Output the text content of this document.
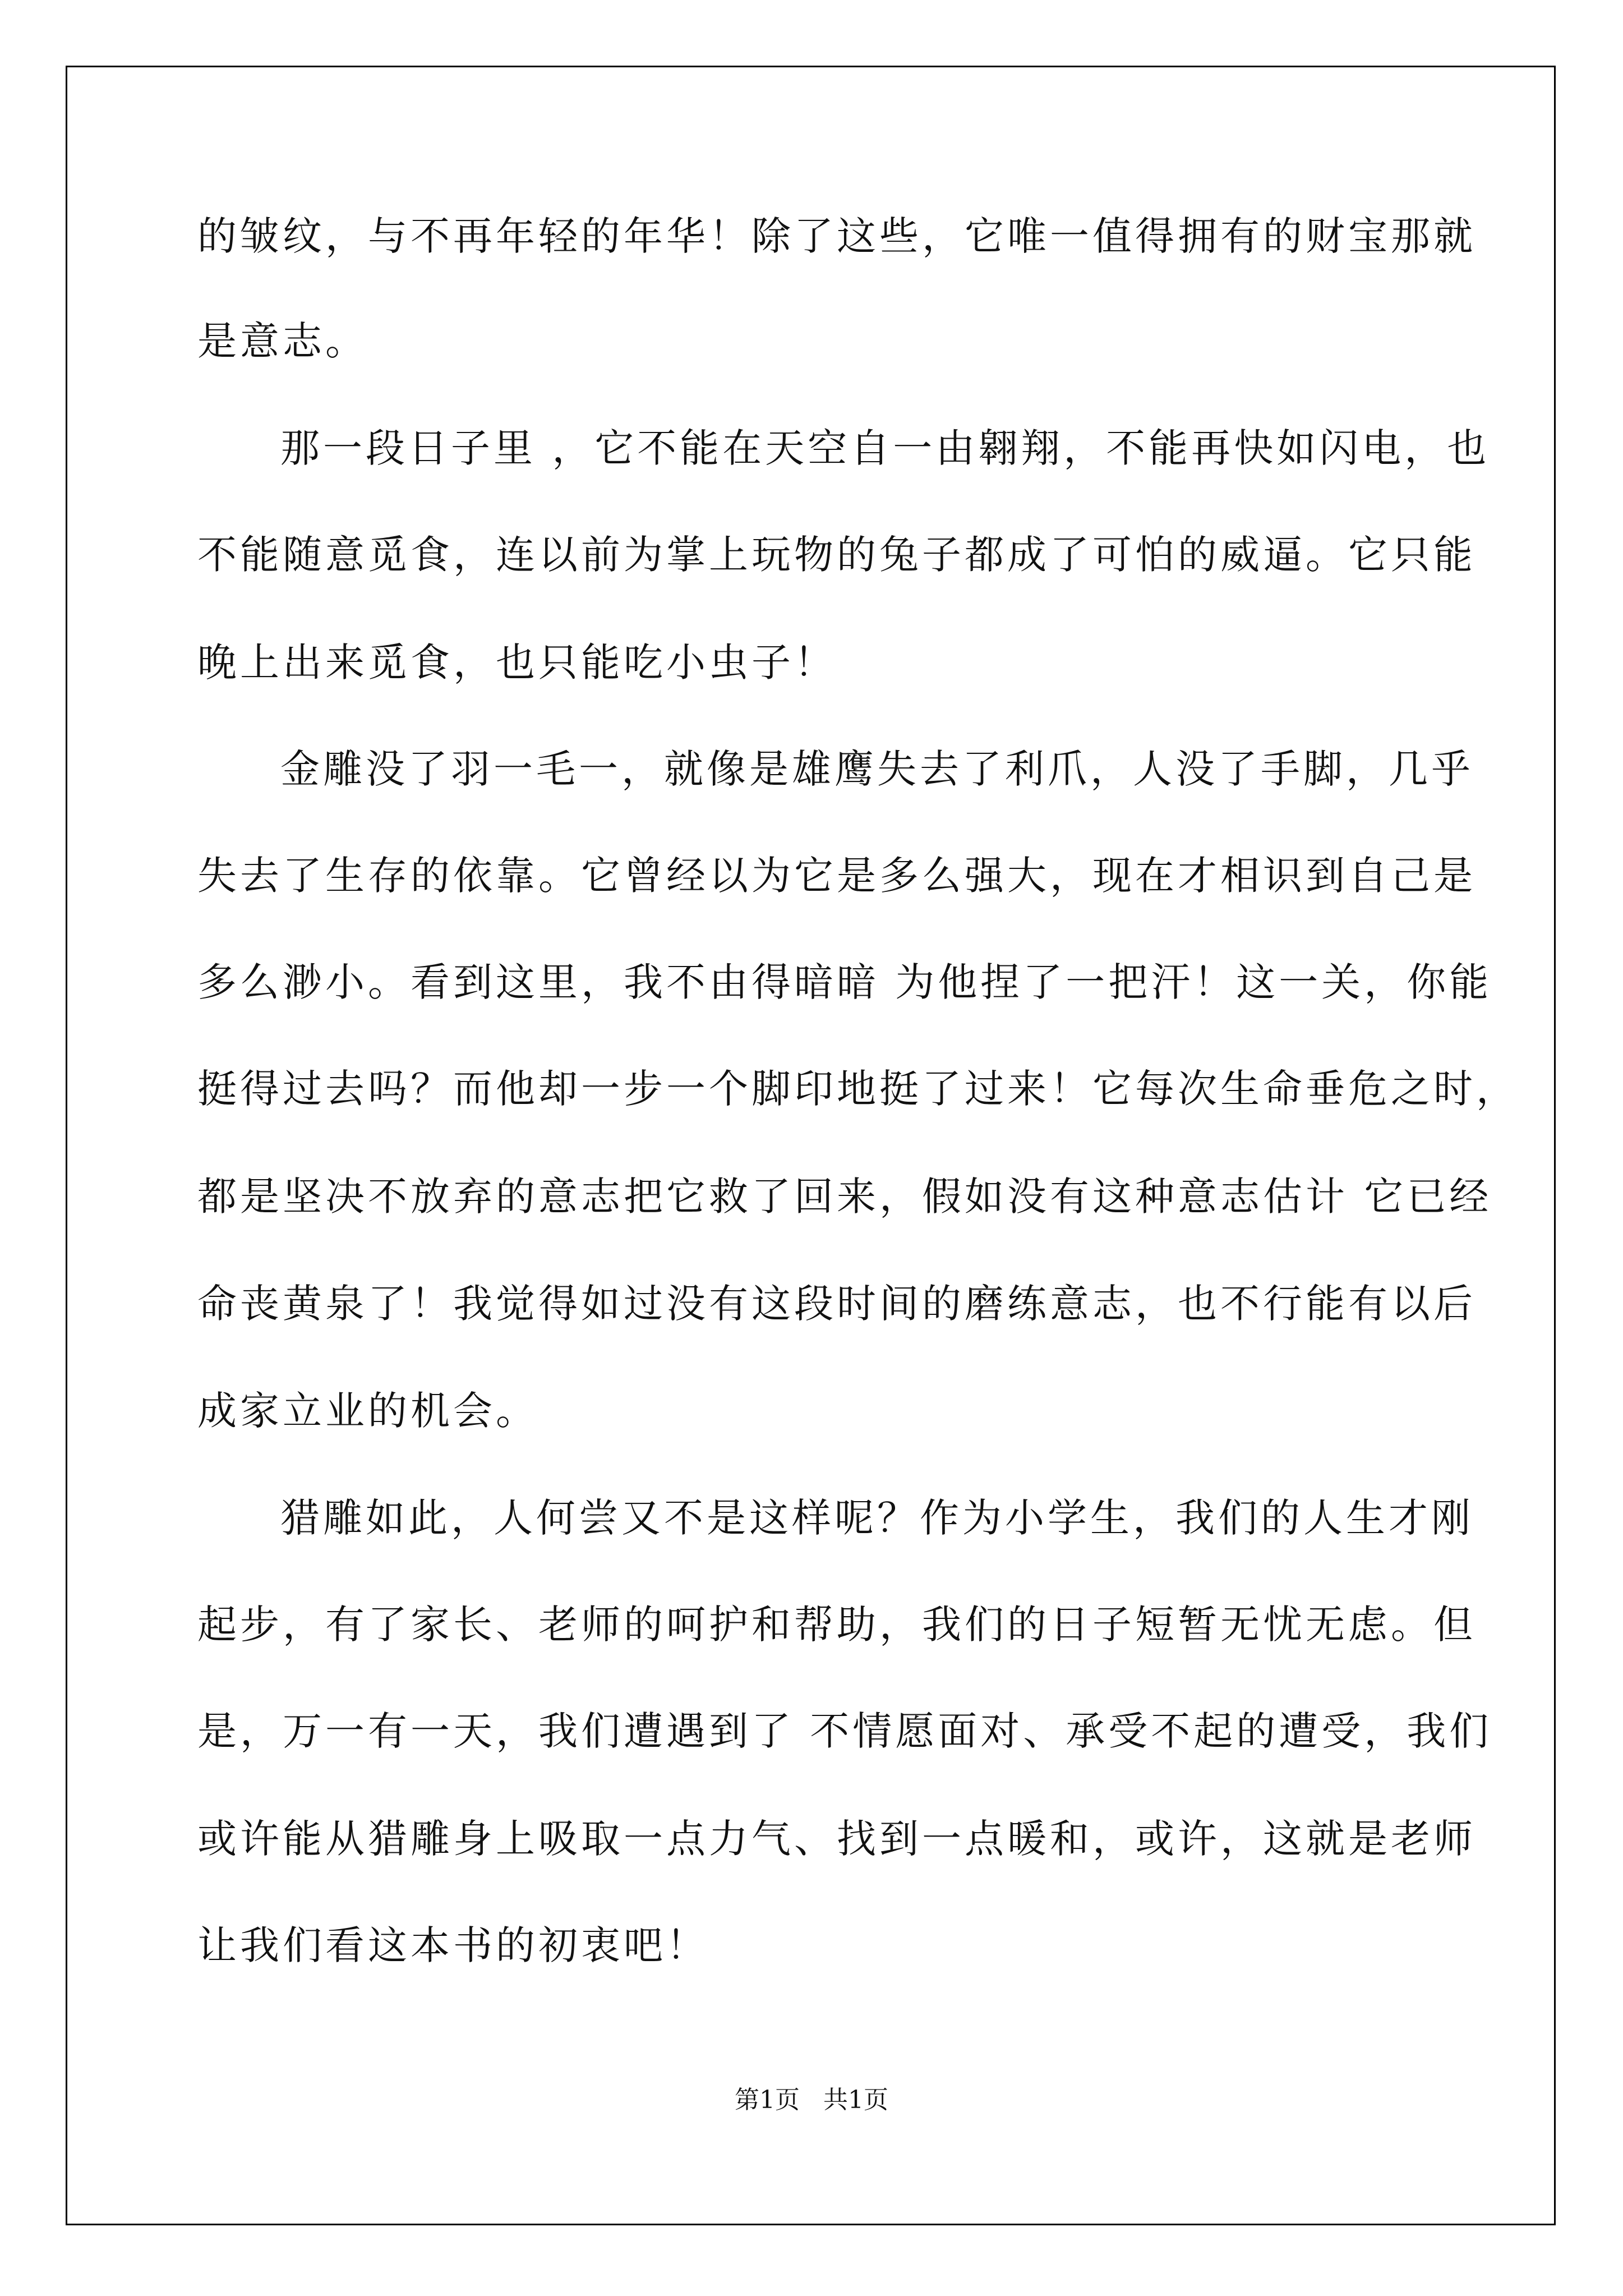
的皱纹，与不再年轻的年华！除了这些，它唯一值得拥有的财宝那就
是意志。
那一段日子里 ，它不能在天空自一由翱翔，不能再快如闪电，也
不能随意觅食，连以前为掌上玩物的兔子都成了可怕的威逼。它只能
晚上出来觅食，也只能吃小虫子！
金雕没了羽一毛一，就像是雄鹰失去了利爪，人没了手脚，几乎
失去了生存的依靠。它曾经以为它是多么强大，现在才相识到自己是
多么渺小。看到这里，我不由得暗暗 为他捏了一把汗！这一关，你能
挺得过去吗？而他却一步一个脚印地挺了过来！它每次生命垂危之时，
都是坚决不放弃的意志把它救了回来，假如没有这种意志估计 它已经
命丧黄泉了！我觉得如过没有这段时间的磨练意志，也不行能有以后
成家立业的机会。
猎雕如此，人何尝又不是这样呢？作为小学生，我们的人生才刚
起步，有了家长、老师的呵护和帮助，我们的日子短暂无忧无虑。但
是，万一有一天，我们遭遇到了 不情愿面对、承受不起的遭受，我们
或许能从猎雕身上吸取一点力气、找到一点暖和，或许，这就是老师
让我们看这本书的初衷吧！
第1页   共1页
